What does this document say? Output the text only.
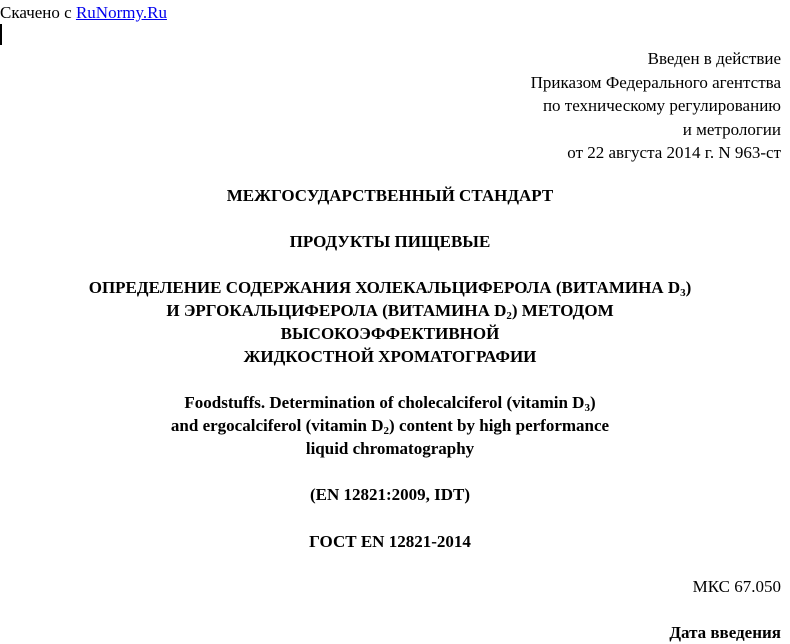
Скачено с RuNormy.Ru
Введен в действие
Приказом Федерального агентства
по техническому регулированию
и метрологии
от 22 августа 2014 г. N 963-ст
МЕЖГОСУДАРСТВЕННЫЙ СТАНДАРТ
ПРОДУКТЫ ПИЩЕВЫЕ
ОПРЕДЕЛЕНИЕ СОДЕРЖАНИЯ ХОЛЕКАЛЬЦИФЕРОЛА (ВИТАМИНА $D_3$)
И ЭРГОКАЛЬЦИФЕРОЛА (ВИТАМИНА $D_2$) МЕТОДОМ
ВЫСОКОЭФФЕКТИВНОЙ
ЖИДКОСТНОЙ ХРОМАТОГРАФИИ
Foodstuffs. Determination of cholecalciferol (vitamin $D_3$)
and ergocalciferol (vitamin $D_2$) content by high performance
liquid chromatography
(EN 12821:2009, IDT)
ГОСТ EN 12821-2014
МКС 67.050
Дата введения
